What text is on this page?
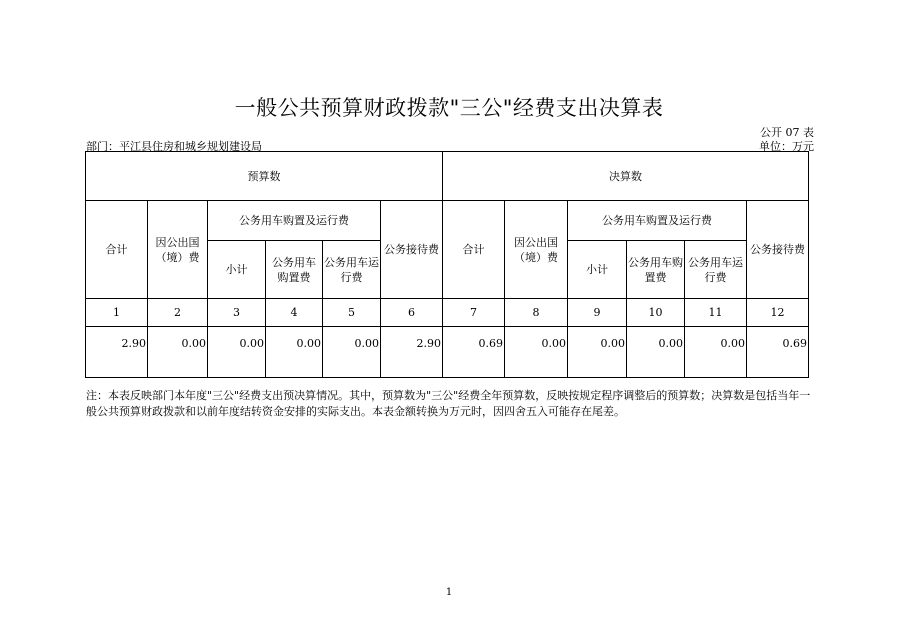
一般公共预算财政拨款"三公"经费支出决算表
公开 07 表
部门：平江县住房和城乡规划建设局	单位：万元
预算数						决算数					
合计	因公出国（境）费	公务用车购置及运行费			公务接待费	合计	因公出国（境）费	公务用车购置及运行费			公务接待费
		小计	公务用车购置费	公务用车运行费				小计	公务用车购置费	公务用车运行费	
1	2	3	4	5	6	7	8	9	10	11	12
2.90	0.00	0.00	0.00	0.00	2.90	0.69	0.00	0.00	0.00	0.00	0.69
注：本表反映部门本年度"三公"经费支出预决算情况。其中，预算数为"三公"经费全年预算数，反映按规定程序调整后的预算数；决算数是包括当年一般公共预算财政拨款和以前年度结转资金安排的实际支出。本表金额转换为万元时，因四舍五入可能存在尾差。
1
